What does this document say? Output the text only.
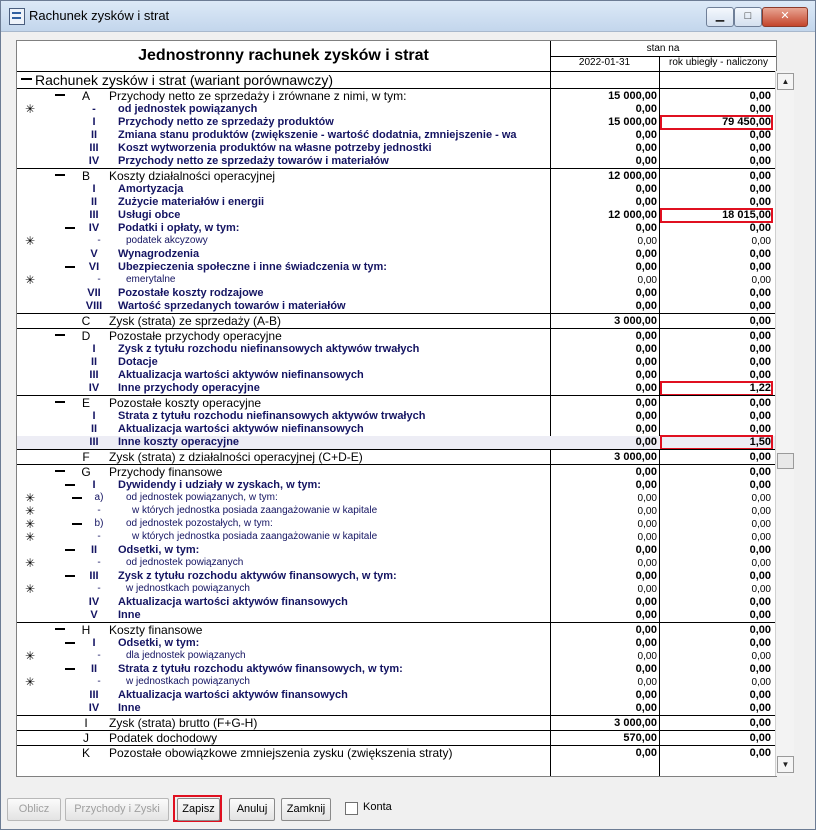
Rachunek zysków i strat	▁	□	✕
Jednostronny rachunek zysków i strat	stan na
2022-01-31	rok ubiegły - naliczony
Rachunek zysków i strat (wariant porównawczy)
A	Przychody netto ze sprzedaży i zrównane z nimi, w tym:	15 000,00	0,00
✳	-	od jednostek powiązanych	0,00	0,00
I	Przychody netto ze sprzedaży produktów	15 000,00	79 450,00
II	Zmiana stanu produktów (zwiększenie - wartość dodatnia, zmniejszenie - wa	0,00	0,00
III	Koszt wytworzenia produktów na własne potrzeby jednostki	0,00	0,00
IV	Przychody netto ze sprzedaży towarów i materiałów	0,00	0,00
B	Koszty działalności operacyjnej	12 000,00	0,00
I	Amortyzacja	0,00	0,00
II	Zużycie materiałów i energii	0,00	0,00
III	Usługi obce	12 000,00	18 015,00
IV	Podatki i opłaty, w tym:	0,00	0,00
✳	-	podatek akcyzowy	0,00	0,00
V	Wynagrodzenia	0,00	0,00
VI	Ubezpieczenia społeczne i inne świadczenia w tym:	0,00	0,00
✳	-	emerytalne	0,00	0,00
VII	Pozostałe koszty rodzajowe	0,00	0,00
VIII	Wartość sprzedanych towarów i materiałów	0,00	0,00
C	Zysk (strata) ze sprzedaży (A-B)	3 000,00	0,00
D	Pozostałe przychody operacyjne	0,00	0,00
I	Zysk z tytułu rozchodu niefinansowych aktywów trwałych	0,00	0,00
II	Dotacje	0,00	0,00
III	Aktualizacja wartości aktywów niefinansowych	0,00	0,00
IV	Inne przychody operacyjne	0,00	1,22
E	Pozostałe koszty operacyjne	0,00	0,00
I	Strata z tytułu rozchodu niefinansowych aktywów trwałych	0,00	0,00
II	Aktualizacja wartości aktywów niefinansowych	0,00	0,00
III	Inne koszty operacyjne	0,00	1,50
F	Zysk (strata) z działalności operacyjnej (C+D-E)	3 000,00	0,00
G	Przychody finansowe	0,00	0,00
I	Dywidendy i udziały w zyskach, w tym:	0,00	0,00
✳	a)	od jednostek powiązanych, w tym:	0,00	0,00
✳	-	w których jednostka posiada zaangażowanie w kapitale	0,00	0,00
✳	b)	od jednostek pozostałych, w tym:	0,00	0,00
✳	-	w których jednostka posiada zaangażowanie w kapitale	0,00	0,00
II	Odsetki, w tym:	0,00	0,00
✳	-	od jednostek powiązanych	0,00	0,00
III	Zysk z tytułu rozchodu aktywów finansowych, w tym:	0,00	0,00
✳	-	w jednostkach powiązanych	0,00	0,00
IV	Aktualizacja wartości aktywów finansowych	0,00	0,00
V	Inne	0,00	0,00
H	Koszty finansowe	0,00	0,00
I	Odsetki, w tym:	0,00	0,00
✳	-	dla jednostek powiązanych	0,00	0,00
II	Strata z tytułu rozchodu aktywów finansowych, w tym:	0,00	0,00
✳	-	w jednostkach powiązanych	0,00	0,00
III	Aktualizacja wartości aktywów finansowych	0,00	0,00
IV	Inne	0,00	0,00
I	Zysk (strata) brutto (F+G-H)	3 000,00	0,00
J	Podatek dochodowy	570,00	0,00
K	Pozostałe obowiązkowe zmniejszenia zysku (zwiększenia straty)	0,00	0,00
▲
▼
Oblicz	Przychody i Zyski	Zapisz	Anuluj	Zamknij	Konta
